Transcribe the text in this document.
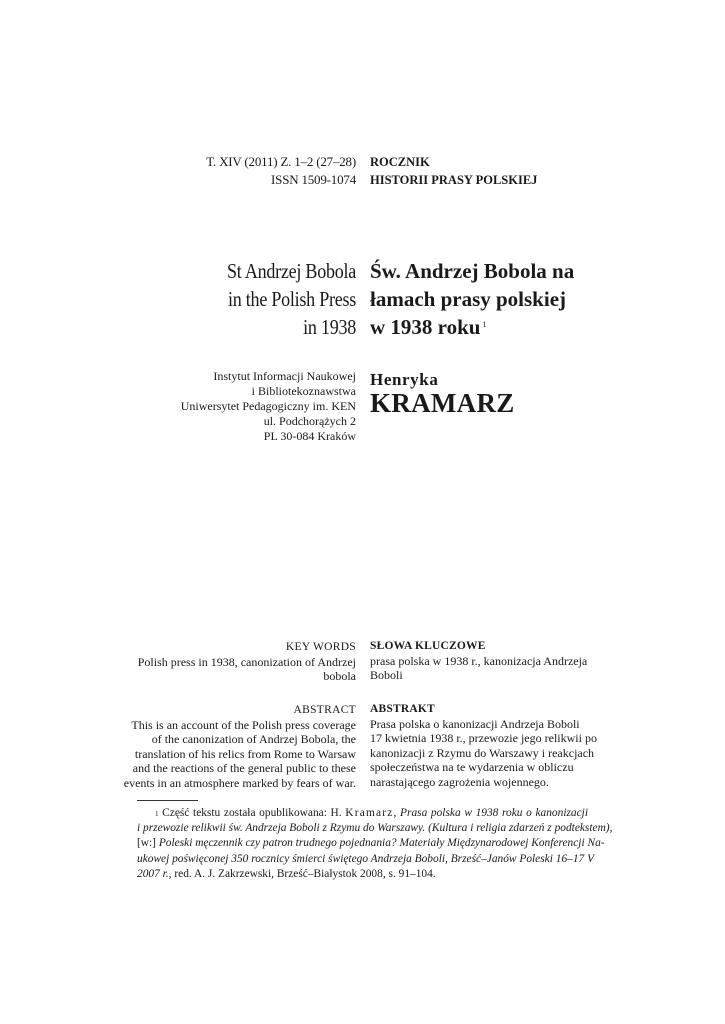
T. XIV (2011) Z. 1–2 (27–28)
ISSN 1509-1074
ROCZNIK
HISTORII PRASY POLSKIEJ
St Andrzej Bobola
in the Polish Press
in 1938
Św. Andrzej Bobola na
łamach prasy polskiej
w 1938 roku $^1$
Instytut Informacji Naukowej
i Bibliotekoznawstwa
Uniwersytet Pedagogiczny im. KEN
ul. Podchorążych 2
PL 30-084 Kraków
Henryka
KRAMARZ
KEY WORDS
Polish press in 1938, canonization of Andrzej
bobola
SŁOWA KLUCZOWE
prasa polska w 1938 r., kanonizacja Andrzeja
Boboli
ABSTRACT
This is an account of the Polish press coverage
of the canonization of Andrzej Bobola, the
translation of his relics from Rome to Warsaw
and the reactions of the general public to these
events in an atmosphere marked by fears of war.
ABSTRAKT
Prasa polska o kanonizacji Andrzeja Boboli
17 kwietnia 1938 r., przewozie jego relikwii po
kanonizacji z Rzymu do Warszawy i reakcjach
społeczeństwa na te wydarzenia w obliczu
narastającego zagrożenia wojennego.
$^1$ Część tekstu została opublikowana: H. Kramarz, Prasa polska w 1938 roku o kanonizacji
i przewozie relikwii św. Andrzeja Boboli z Rzymu do Warszawy. (Kultura i religia zdarzeń z podtekstem),
[w:] Poleski męczennik czy patron trudnego pojednania? Materiały Międzynarodowej Konferencji Na-
ukowej poświęconej 350 rocznicy śmierci świętego Andrzeja Boboli, Brześć–Janów Poleski 16–17 V
2007 r., red. A. J. Zakrzewski, Brześć–Białystok 2008, s. 91–104.
